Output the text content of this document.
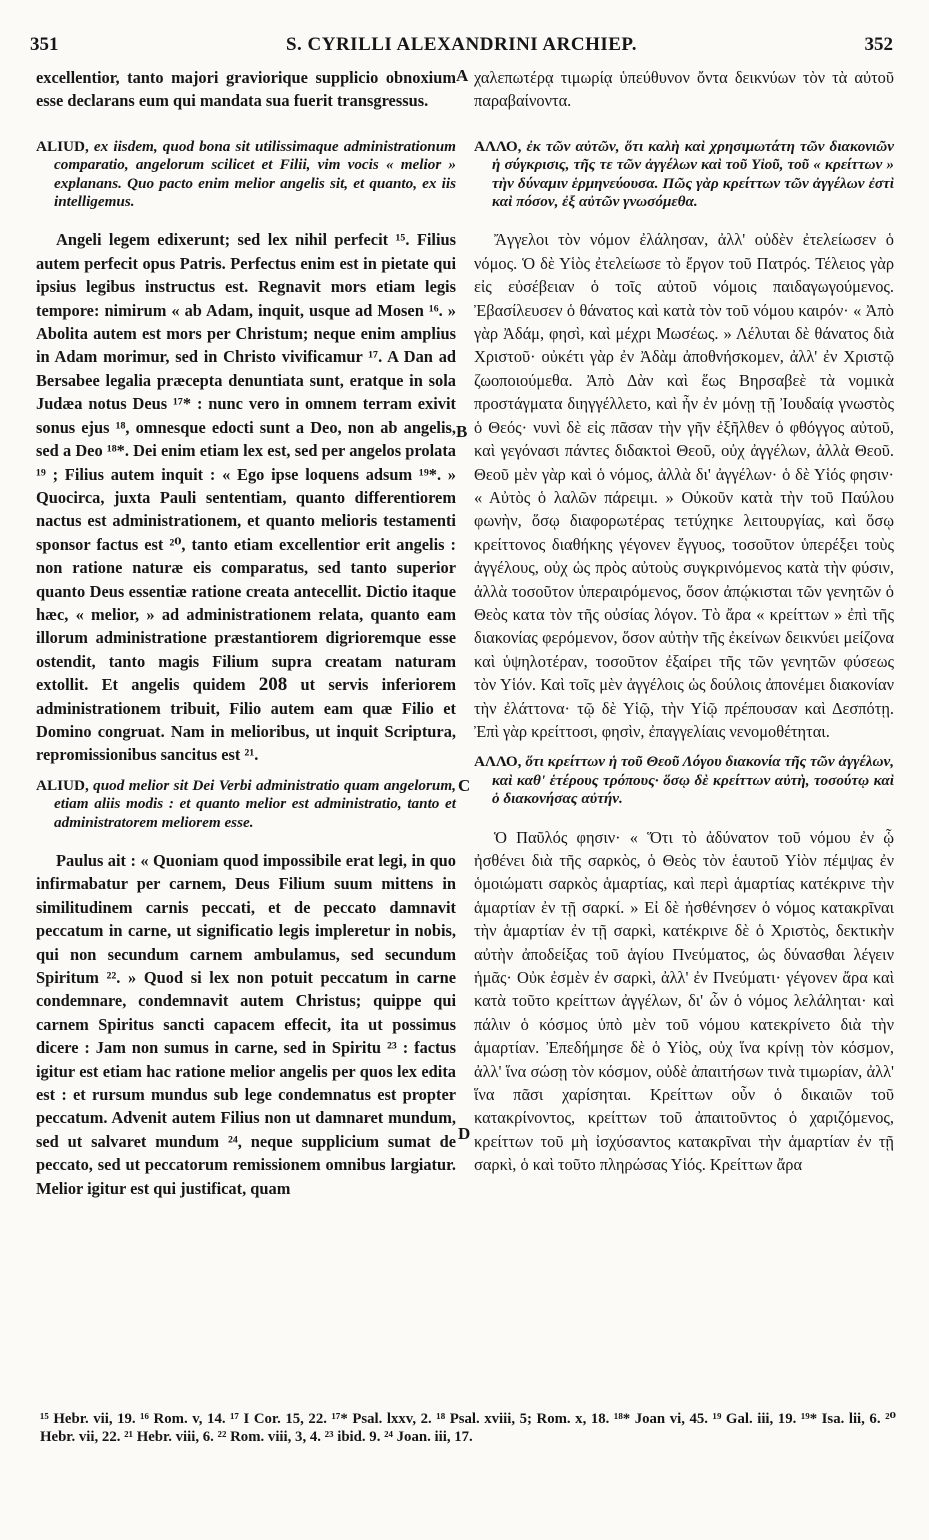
351	S. CYRILLI ALEXANDRINI ARCHIEP.	352

excellentior, tanto majori graviorique supplicio obnoxium esse declarans eum qui mandata sua fuerit transgressus.

ALIUD, ex iisdem, quod bona sit utilissimaque administrationum comparatio, angelorum scilicet et Filii, vim vocis « melior » explanans. Quo pacto enim melior angelis sit, et quanto, ex iis intelligemus.

Angeli legem edixerunt; sed lex nihil perfecit ¹⁵. Filius autem perfecit opus Patris. Perfectus enim est in pietate qui ipsius legibus instructus est. Regnavit mors etiam legis tempore: nimirum « ab Adam, inquit, usque ad Mosen ¹⁶. » Abolita autem est mors per Christum; neque enim amplius in Adam morimur, sed in Christo vivificamur ¹⁷. A Dan ad Bersabee legalia præcepta denuntiata sunt, eratque in sola Judæa notus Deus ¹⁷* : nunc vero in omnem terram exivit sonus ejus ¹⁸, omnesque edocti sunt a Deo, non ab angelis, sed a Deo ¹⁸*. Dei enim etiam lex est, sed per angelos prolata ¹⁹ ; Filius autem inquit : « Ego ipse loquens adsum ¹⁹*. » Quocirca, juxta Pauli sententiam, quanto differentiorem nactus est administrationem, et quanto melioris testamenti sponsor factus est ²⁰, tanto etiam excellentior erit angelis : non ratione naturæ eis comparatus, sed tanto superior quanto Deus essentiæ ratione creata antecellit. Dictio itaque hæc, « melior, » ad administrationem relata, quanto eam illorum administratione præstantiorem digrioremque esse ostendit, tanto magis Filium supra creatam naturam extollit. Et angelis quidem 208 ut servis inferiorem administrationem tribuit, Filio autem eam quæ Filio et Domino congruat. Nam in melioribus, ut inquit Scriptura, repromissionibus sancitus est ²¹.

ALIUD, quod melior sit Dei Verbi administratio quam angelorum, etiam aliis modis : et quanto melior est administratio, tanto et administratorem meliorem esse.

Paulus ait : « Quoniam quod impossibile erat legi, in quo infirmabatur per carnem, Deus Filium suum mittens in similitudinem carnis peccati, et de peccato damnavit peccatum in carne, ut significatio legis impleretur in nobis, qui non secundum carnem ambulamus, sed secundum Spiritum ²². » Quod si lex non potuit peccatum in carne condemnare, condemnavit autem Christus; quippe qui carnem Spiritus sancti capacem effecit, ita ut possimus dicere : Jam non sumus in carne, sed in Spiritu ²³ : factus igitur est etiam hac ratione melior angelis per quos lex edita est : et rursum mundus sub lege condemnatus est propter peccatum. Advenit autem Filius non ut damnaret mundum, sed ut salvaret mundum ²⁴, neque supplicium sumat de peccato, sed ut peccatorum remissionem omnibus largiatur. Melior igitur est qui justificat, quam

χαλεπωτέρᾳ τιμωρίᾳ ὑπεύθυνον ὄντα δεικνύων τὸν τὰ αὐτοῦ παραβαίνοντα.

ΑΛΛΟ, ἐκ τῶν αὐτῶν, ὅτι καλὴ καὶ χρησιμωτάτη τῶν διακονιῶν ἡ σύγκρισις, τῆς τε τῶν ἀγγέλων καὶ τοῦ Υἱοῦ, τοῦ « κρείττων » τὴν δύναμιν ἑρμηνεύουσα. Πῶς γὰρ κρείττων τῶν ἀγγέλων ἐστὶ καὶ πόσον, ἐξ αὐτῶν γνωσόμεθα.

Ἄγγελοι τὸν νόμον ἐλάλησαν, ἀλλ' οὐδὲν ἐτελείωσεν ὁ νόμος. Ὁ δὲ Υἱὸς ἐτελείωσε τὸ ἔργον τοῦ Πατρός. Τέλειος γὰρ εἰς εὐσέβειαν ὁ τοῖς αὐτοῦ νόμοις παιδαγωγούμενος. Ἐβασίλευσεν ὁ θάνατος καὶ κατὰ τὸν τοῦ νόμου καιρόν· « Ἀπὸ γὰρ Ἀδάμ, φησὶ, καὶ μέχρι Μωσέως. » Λέλυται δὲ θάνατος διὰ Χριστοῦ· οὐκέτι γὰρ ἐν Ἀδὰμ ἀποθνήσκομεν, ἀλλ' ἐν Χριστῷ ζωοποιούμεθα. Ἀπὸ Δὰν καὶ ἕως Βηρσαβεὲ τὰ νομικὰ προστάγματα διηγγέλλετο, καὶ ἦν ἐν μόνῃ τῇ Ἰουδαίᾳ γνωστὸς ὁ Θεός· νυνὶ δὲ εἰς πᾶσαν τὴν γῆν ἐξῆλθεν ὁ φθόγγος αὐτοῦ, καὶ γεγόνασι πάντες διδακτοὶ Θεοῦ, οὐχ ἀγγέλων, ἀλλὰ Θεοῦ. Θεοῦ μὲν γὰρ καὶ ὁ νόμος, ἀλλὰ δι' ἀγγέλων· ὁ δὲ Υἱός φησιν· « Αὐτὸς ὁ λαλῶν πάρειμι. » Οὐκοῦν κατὰ τὴν τοῦ Παύλου φωνὴν, ὅσῳ διαφορωτέρας τετύχηκε λειτουργίας, καὶ ὅσῳ κρείττονος διαθήκης γέγονεν ἔγγυος, τοσοῦτον ὑπερέξει τοὺς ἀγγέλους, οὐχ ὡς πρὸς αὐτοὺς συγκρινόμενος κατὰ τὴν φύσιν, ἀλλὰ τοσοῦτον ὑπεραιρόμενος, ὅσον ἀπῴκισται τῶν γενητῶν ὁ Θεὸς κατα τὸν τῆς οὐσίας λόγον. Τὸ ἄρα « κρείττων » ἐπὶ τῆς διακονίας φερόμενον, ὅσον αὐτὴν τῆς ἐκείνων δεικνύει μείζονα καὶ ὑψηλοτέραν, τοσοῦτον ἐξαίρει τῆς τῶν γενητῶν φύσεως τὸν Υἱόν. Καὶ τοῖς μὲν ἀγγέλοις ὡς δούλοις ἀπονέμει διακονίαν τὴν ἐλάττονα· τῷ δὲ Υἱῷ, τὴν Υἱῷ πρέπουσαν καὶ Δεσπότῃ. Ἐπὶ γὰρ κρείττοσι, φησὶν, ἐπαγγελίαις νενομοθέτηται.

ΑΛΛΟ, ὅτι κρείττων ἡ τοῦ Θεοῦ Λόγου διακονία τῆς τῶν ἀγγέλων, καὶ καθ' ἑτέρους τρόπους· ὅσῳ δὲ κρείττων αὐτὴ, τοσούτῳ καὶ ὁ διακονήσας αὐτήν.

Ὁ Παῦλός φησιν· « Ὅτι τὸ ἀδύνατον τοῦ νόμου ἐν ᾧ ἠσθένει διὰ τῆς σαρκὸς, ὁ Θεὸς τὸν ἑαυτοῦ Υἱὸν πέμψας ἐν ὁμοιώματι σαρκὸς ἁμαρτίας, καὶ περὶ ἁμαρτίας κατέκρινε τὴν ἁμαρτίαν ἐν τῇ σαρκί. » Εἰ δὲ ἠσθένησεν ὁ νόμος κατακρῖναι τὴν ἁμαρτίαν ἐν τῇ σαρκὶ, κατέκρινε δὲ ὁ Χριστὸς, δεκτικὴν αὐτὴν ἀποδείξας τοῦ ἁγίου Πνεύματος, ὡς δύνασθαι λέγειν ἡμᾶς· Οὐκ ἐσμὲν ἐν σαρκὶ, ἀλλ' ἐν Πνεύματι· γέγονεν ἄρα καὶ κατὰ τοῦτο κρείττων ἀγγέλων, δι' ὧν ὁ νόμος λελάληται· καὶ πάλιν ὁ κόσμος ὑπὸ μὲν τοῦ νόμου κατεκρίνετο διὰ τὴν ἁμαρτίαν. Ἐπεδήμησε δὲ ὁ Υἱὸς, οὐχ ἵνα κρίνῃ τὸν κόσμον, ἀλλ' ἵνα σώσῃ τὸν κόσμον, οὐδὲ ἀπαιτήσων τινὰ τιμωρίαν, ἀλλ' ἵνα πᾶσι χαρίσηται. Κρείττων οὖν ὁ δικαιῶν τοῦ κατακρίνοντος, κρείττων τοῦ ἀπαιτοῦντος ὁ χαριζόμενος, κρείττων τοῦ μὴ ἰσχύσαντος κατακρῖναι τὴν ἁμαρτίαν ἐν τῇ σαρκὶ, ὁ καὶ τοῦτο πληρώσας Υἱός. Κρείττων ἄρα

A
B
C
D
¹⁵ Hebr. vii, 19. ¹⁶ Rom. v, 14. ¹⁷ I Cor. 15, 22. ¹⁷* Psal. lxxv, 2. ¹⁸ Psal. xviii, 5; Rom. x, 18. ¹⁸* Joan vi, 45. ¹⁹ Gal. iii, 19. ¹⁹* Isa. lii, 6. ²⁰ Hebr. vii, 22. ²¹ Hebr. viii, 6. ²² Rom. viii, 3, 4. ²³ ibid. 9. ²⁴ Joan. iii, 17.
